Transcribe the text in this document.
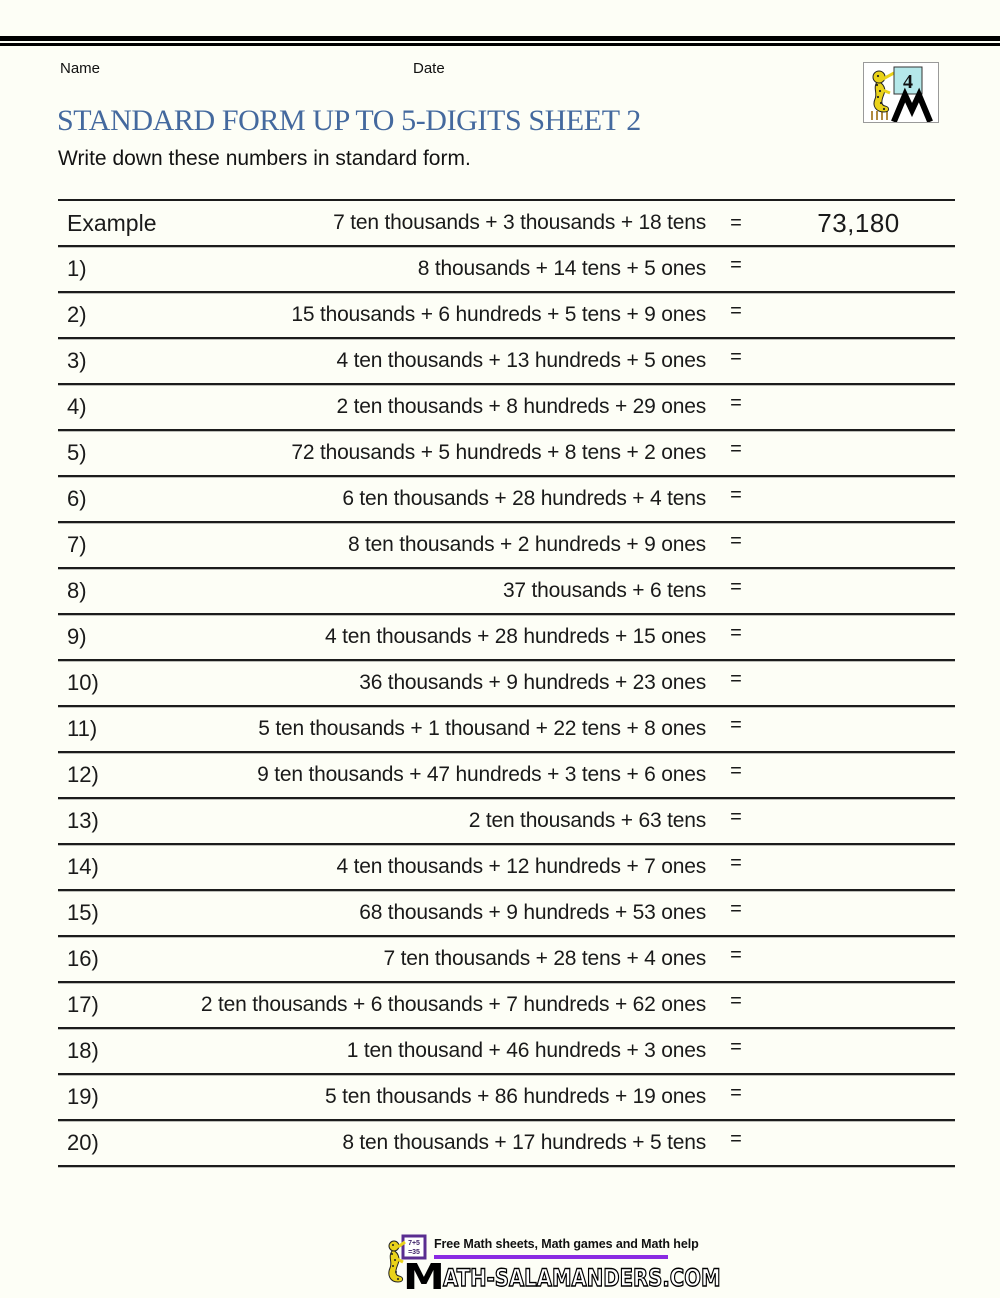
Name	Date
4
STANDARD FORM UP TO 5-DIGITS SHEET 2
Write down these numbers in standard form.
Example	7 ten thousands + 3 thousands + 18 tens	=	73,180
1)	8 thousands + 14 tens + 5 ones	=
2)	15 thousands + 6 hundreds + 5 tens + 9 ones	=
3)	4 ten thousands + 13 hundreds + 5 ones	=
4)	2 ten thousands + 8 hundreds + 29 ones	=
5)	72 thousands + 5 hundreds + 8 tens + 2 ones	=
6)	6 ten thousands + 28 hundreds + 4 tens	=
7)	8 ten thousands + 2 hundreds + 9 ones	=
8)	37 thousands + 6 tens	=
9)	4 ten thousands + 28 hundreds + 15 ones	=
10)	36 thousands + 9 hundreds + 23 ones	=
11)	5 ten thousands + 1 thousand + 22 tens + 8 ones	=
12)	9 ten thousands + 47 hundreds + 3 tens + 6 ones	=
13)	2 ten thousands + 63 tens	=
14)	4 ten thousands + 12 hundreds + 7 ones	=
15)	68 thousands + 9 hundreds + 53 ones	=
16)	7 ten thousands + 28 tens + 4 ones	=
17)	2 ten thousands + 6 thousands + 7 hundreds + 62 ones	=
18)	1 ten thousand + 46 hundreds + 3 ones	=
19)	5 ten thousands + 86 hundreds + 19 ones	=
20)	8 ten thousands + 17 hundreds + 5 tens	=
7+5
=35
Free Math sheets, Math games and Math help
MATH-SALAMANDERS.COM
